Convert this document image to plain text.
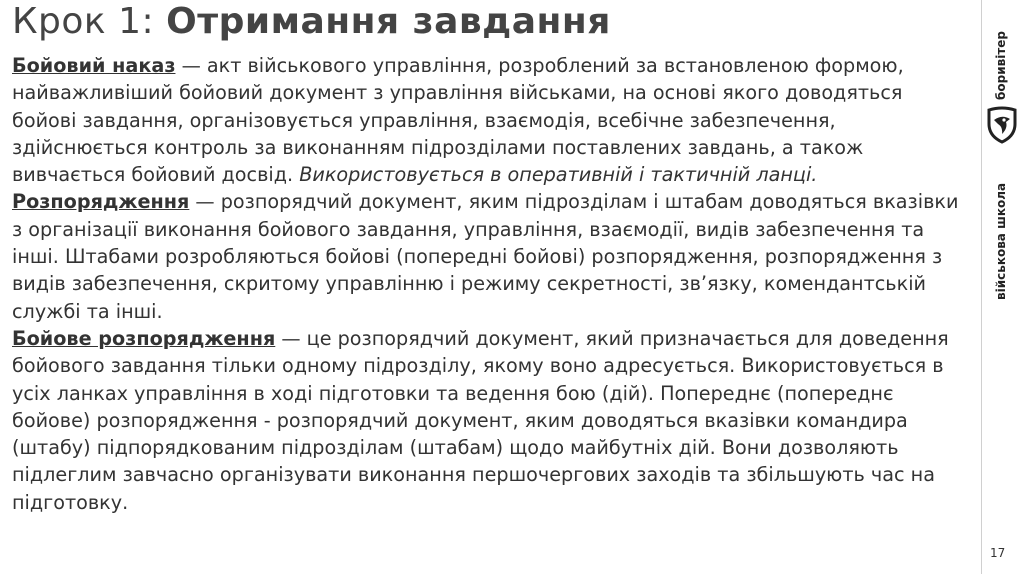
Крок 1: Отримання завдання

Бойовий наказ — акт військового управління, розроблений за встановленою формою, найважливіший бойовий документ з управління військами, на основі якого доводяться бойові завдання, організовується управління, взаємодія, всебічне забезпечення, здійснюється контроль за виконанням підрозділами поставлених завдань, а також вивчається бойовий досвід. Використовується в оперативній і тактичній ланці.

Розпорядження — розпорядчий документ, яким підрозділам і штабам доводяться вказівки з організації виконання бойового завдання, управління, взаємодії, видів забезпечення та інші. Штабами розробляються бойові (попередні бойові) розпорядження, розпорядження з видів забезпечення, скритому управлінню і режиму секретності, зв’язку, комендантській службі та інші.

Бойове розпорядження — це розпорядчий документ, який призначається для доведення бойового завдання тільки одному підрозділу, якому воно адресується. Використовується в усіх ланках управління в ході підготовки та ведення бою (дій). Попереднє (попереднє бойове) розпорядження - розпорядчий документ, яким доводяться вказівки командира (штабу) підпорядкованим підрозділам (штабам) щодо майбутніх дій. Вони дозволяють підлеглим завчасно організувати виконання першочергових заходів та збільшують час на підготовку.

боривітер
військова школа
17
